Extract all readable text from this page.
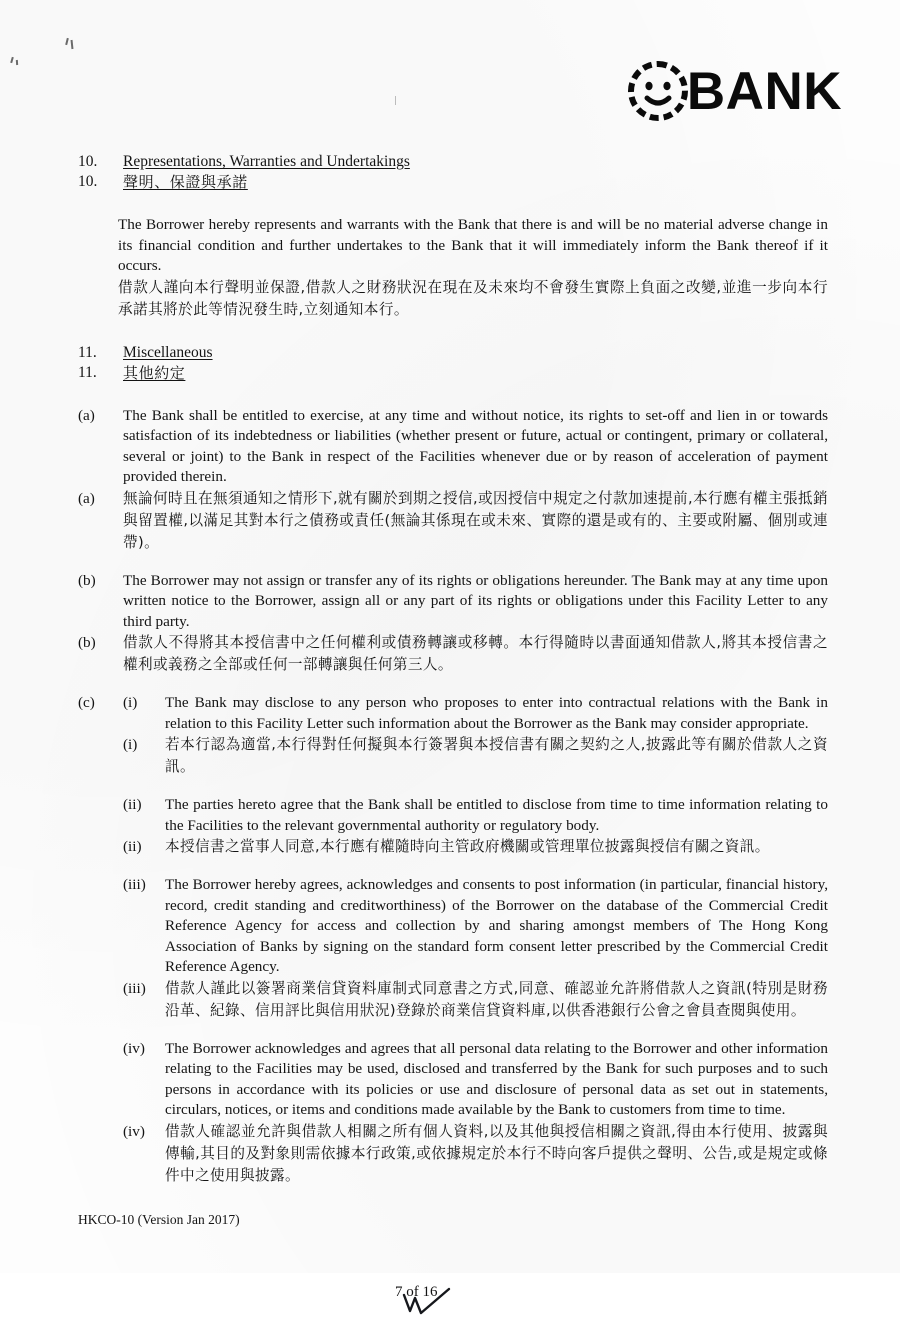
BANK
10.	Representations, Warranties and Undertakings
10.	聲明、保證與承諾
The Borrower hereby represents and warrants with the Bank that there is and will be no material adverse change in its financial condition and further undertakes to the Bank that it will immediately inform the Bank thereof if it occurs.
借款人謹向本行聲明並保證,借款人之財務狀況在現在及未來均不會發生實際上負面之改變,並進一步向本行承諾其將於此等情況發生時,立刻通知本行。
11.	Miscellaneous
11.	其他約定
(a)	The Bank shall be entitled to exercise, at any time and without notice, its rights to set-off and lien in or towards satisfaction of its indebtedness or liabilities (whether present or future, actual or contingent, primary or collateral, several or joint) to the Bank in respect of the Facilities whenever due or by reason of acceleration of payment provided therein.
(a)	無論何時且在無須通知之情形下,就有關於到期之授信,或因授信中規定之付款加速提前,本行應有權主張抵銷與留置權,以滿足其對本行之債務或責任(無論其係現在或未來、實際的還是或有的、主要或附屬、個別或連帶)。
(b)	The Borrower may not assign or transfer any of its rights or obligations hereunder. The Bank may at any time upon written notice to the Borrower, assign all or any part of its rights or obligations under this Facility Letter to any third party.
(b)	借款人不得將其本授信書中之任何權利或債務轉讓或移轉。本行得隨時以書面通知借款人,將其本授信書之權利或義務之全部或任何一部轉讓與任何第三人。
(c)	(i)	The Bank may disclose to any person who proposes to enter into contractual relations with the Bank in relation to this Facility Letter such information about the Borrower as the Bank may consider appropriate.
(i)	若本行認為適當,本行得對任何擬與本行簽署與本授信書有關之契約之人,披露此等有關於借款人之資訊。
(ii)	The parties hereto agree that the Bank shall be entitled to disclose from time to time information relating to the Facilities to the relevant governmental authority or regulatory body.
(ii)	本授信書之當事人同意,本行應有權隨時向主管政府機關或管理單位披露與授信有關之資訊。
(iii)	The Borrower hereby agrees, acknowledges and consents to post information (in particular, financial history, record, credit standing and creditworthiness) of the Borrower on the database of the Commercial Credit Reference Agency for access and collection by and sharing amongst members of The Hong Kong Association of Banks by signing on the standard form consent letter prescribed by the Commercial Credit Reference Agency.
(iii)	借款人謹此以簽署商業信貸資料庫制式同意書之方式,同意、確認並允許將借款人之資訊(特別是財務沿革、紀錄、信用評比與信用狀況)登錄於商業信貸資料庫,以供香港銀行公會之會員查閱與使用。
(iv)	The Borrower acknowledges and agrees that all personal data relating to the Borrower and other information relating to the Facilities may be used, disclosed and transferred by the Bank for such purposes and to such persons in accordance with its policies or use and disclosure of personal data as set out in statements, circulars, notices, or items and conditions made available by the Bank to customers from time to time.
(iv)	借款人確認並允許與借款人相關之所有個人資料,以及其他與授信相關之資訊,得由本行使用、披露與傳輸,其目的及對象則需依據本行政策,或依據規定於本行不時向客戶提供之聲明、公告,或是規定或條件中之使用與披露。
HKCO-10 (Version Jan 2017)
7 of 16
